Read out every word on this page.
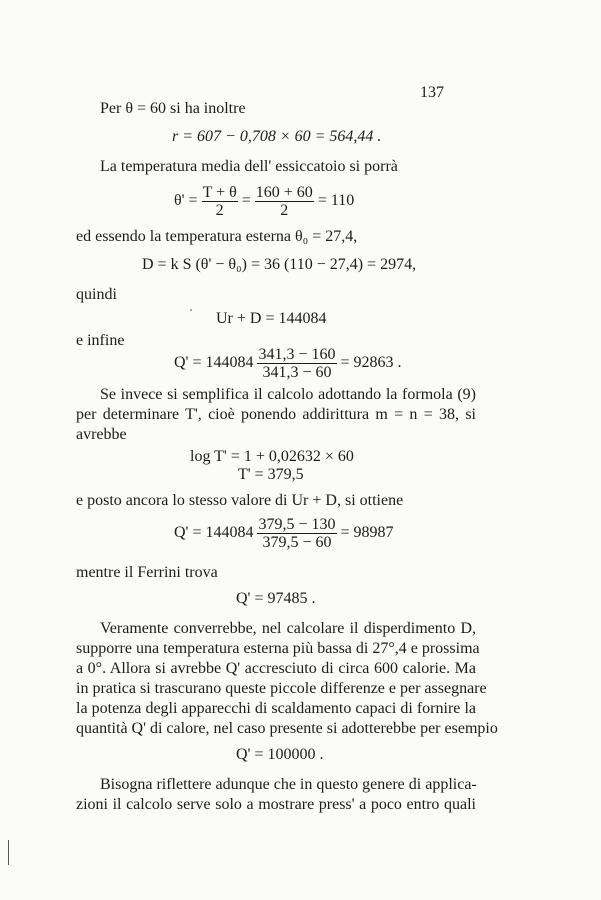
137
Per θ = 60 si ha inoltre
r = 607 − 0,708 × 60 = 564,44 .
La temperatura media dell' essiccatoio si porrà
$\theta' = \frac{T + \theta}{2} = \frac{160 + 60}{2} = 110$
ed essendo la temperatura esterna θ₀ = 27,4,
D = k S (θ' − θ₀) = 36 (110 − 27,4) = 2974,
quindi
Ur + D = 144084
e infine
$Q' = 144084 \frac{341,3 - 160}{341,3 - 60} = 92863$ .
Se invece si semplifica il calcolo adottando la formola (9)
per determinare T', cioè ponendo addirittura m = n = 38, si
avrebbe
log T' = 1 + 0,02632 × 60
T' = 379,5
e posto ancora lo stesso valore di Ur + D, si ottiene
$Q' = 144084 \frac{379,5 - 130}{379,5 - 60} = 98987$
mentre il Ferrini trova
Q' = 97485 .
Veramente converrebbe, nel calcolare il disperdimento D,
supporre una temperatura esterna più bassa di 27°,4 e prossima
a 0°. Allora si avrebbe Q' accresciuto di circa 600 calorie. Ma
in pratica si trascurano queste piccole differenze e per assegnare
la potenza degli apparecchi di scaldamento capaci di fornire la
quantità Q' di calore, nel caso presente si adotterebbe per esempio
Q' = 100000 .
Bisogna riflettere adunque che in questo genere di applica-
zioni il calcolo serve solo a mostrare press' a poco entro quali
